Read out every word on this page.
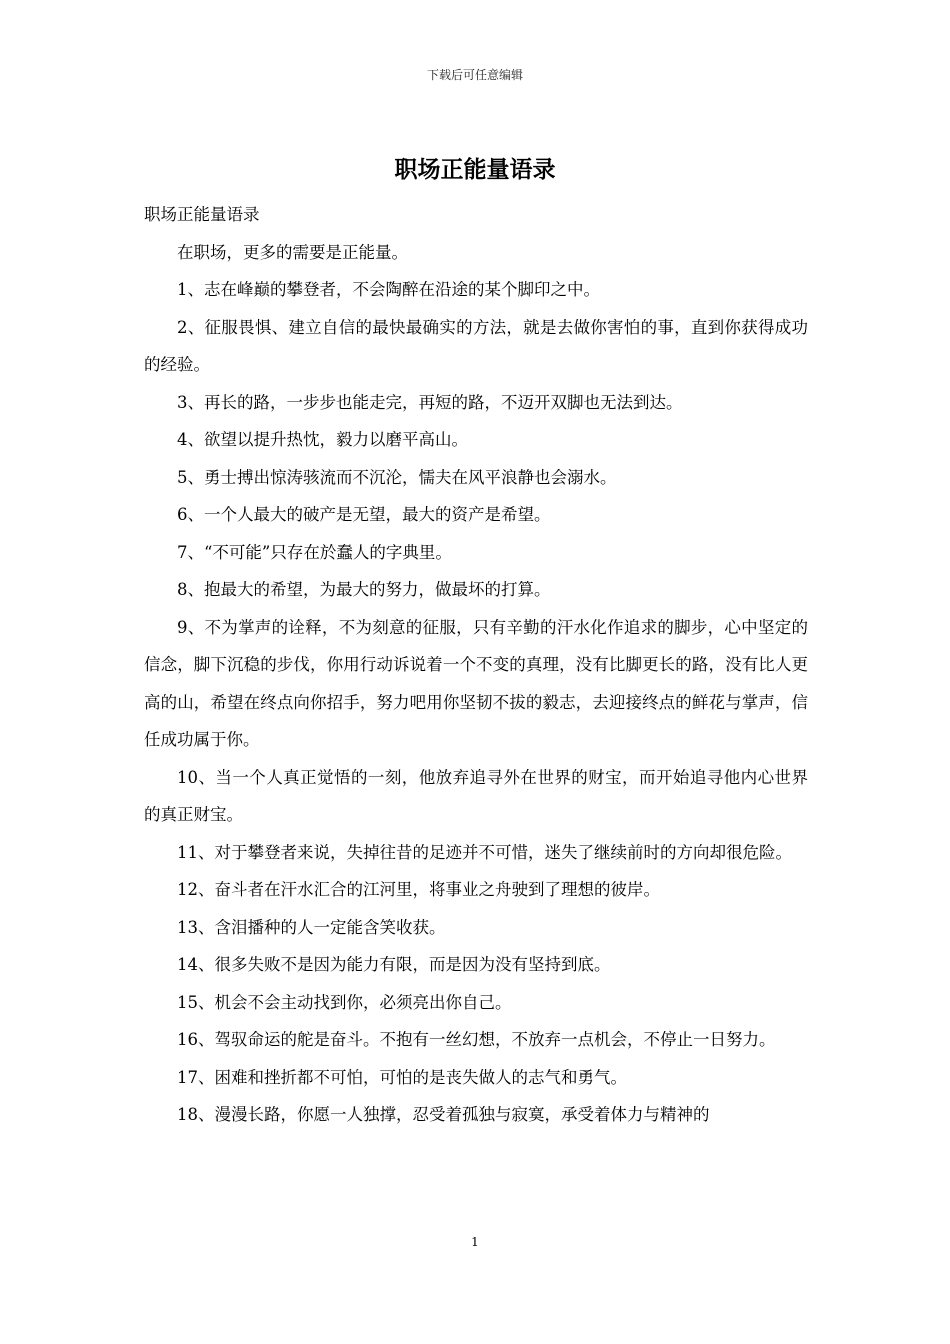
下载后可任意编辑
职场正能量语录

职场正能量语录

在职场，更多的需要是正能量。

1、志在峰巅的攀登者，不会陶醉在沿途的某个脚印之中。

2、征服畏惧、建立自信的最快最确实的方法，就是去做你害怕的事，直到你获得成功的经验。

3、再长的路，一步步也能走完，再短的路，不迈开双脚也无法到达。

4、欲望以提升热忱，毅力以磨平高山。

5、勇士搏出惊涛骇流而不沉沦，懦夫在风平浪静也会溺水。

6、一个人最大的破产是无望，最大的资产是希望。

7、“不可能”只存在於蠢人的字典里。

8、抱最大的希望，为最大的努力，做最坏的打算。

9、不为掌声的诠释，不为刻意的征服，只有辛勤的汗水化作追求的脚步，心中坚定的信念，脚下沉稳的步伐，你用行动诉说着一个不变的真理，没有比脚更长的路，没有比人更高的山，希望在终点向你招手，努力吧用你坚韧不拔的毅志，去迎接终点的鲜花与掌声，信任成功属于你。

10、当一个人真正觉悟的一刻，他放弃追寻外在世界的财宝，而开始追寻他内心世界的真正财宝。

11、对于攀登者来说，失掉往昔的足迹并不可惜，迷失了继续前时的方向却很危险。

12、奋斗者在汗水汇合的江河里，将事业之舟驶到了理想的彼岸。

13、含泪播种的人一定能含笑收获。

14、很多失败不是因为能力有限，而是因为没有坚持到底。

15、机会不会主动找到你，必须亮出你自己。

16、驾驭命运的舵是奋斗。不抱有一丝幻想，不放弃一点机会，不停止一日努力。

17、困难和挫折都不可怕，可怕的是丧失做人的志气和勇气。

18、漫漫长路，你愿一人独撑，忍受着孤独与寂寞，承受着体力与精神的

1
